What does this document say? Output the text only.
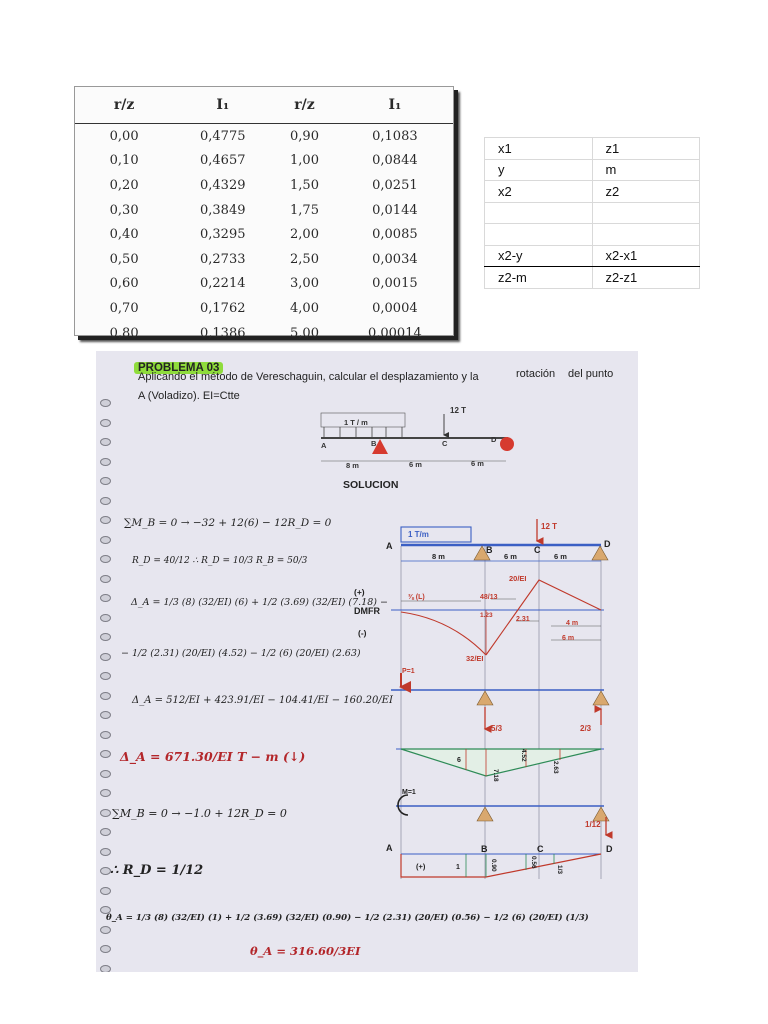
r/z	I₁	r/z	I₁
0,00	0,4775	0,90	0,1083
0,10	0,4657	1,00	0,0844
0,20	0,4329	1,50	0,0251
0,30	0,3849	1,75	0,0144
0,40	0,3295	2,00	0,0085
0,50	0,2733	2,50	0,0034
0,60	0,2214	3,00	0,0015
0,70	0,1762	4,00	0,0004
0,80	0,1386	5,00	0,00014
x1	z1
y	m
x2	z2

x2-y	x2-x1
z2-m	z2-z1
PROBLEMA 03
Aplicando el método de Vereschaguin, calcular el desplazamiento y la	rotación del punto
A (Voladizo). EI=Ctte
SOLUCION
1 T / m
12 T
A	B	C	D
8 m	6 m	6 m
1 T/m
12 T
A	B	C
D
8 m	6 m	6 m
(+)
DMFR
(-)
20/EI
⅜ (L)	48/13
1.23
2.31
4 m
6 m
32/EI
P=1
5/3	2/3
6
7.18
4.52
2.63
M=1
1/12
A	B	C	D
(+)	1	0.90	0.56
1/3
∑M_B = 0 → −32 + 12(6) − 12R_D = 0
R_D = 40/12 ∴ R_D = 10/3 R_B = 50/3
Δ_A = 1/3 (8) (32/EI) (6) + 1/2 (3.69) (32/EI) (7.18) −
− 1/2 (2.31) (20/EI) (4.52) − 1/2 (6) (20/EI) (2.63)
Δ_A = 512/EI + 423.91/EI − 104.41/EI − 160.20/EI
Δ_A = 671.30/EI T − m (↓)
∑M_B = 0 → −1.0 + 12R_D = 0
∴ R_D = 1/12
θ_A = 1/3 (8) (32/EI) (1) + 1/2 (3.69) (32/EI) (0.90) − 1/2 (2.31) (20/EI) (0.56) − 1/2 (6) (20/EI) (1/3)
θ_A = 316.60/3EI
